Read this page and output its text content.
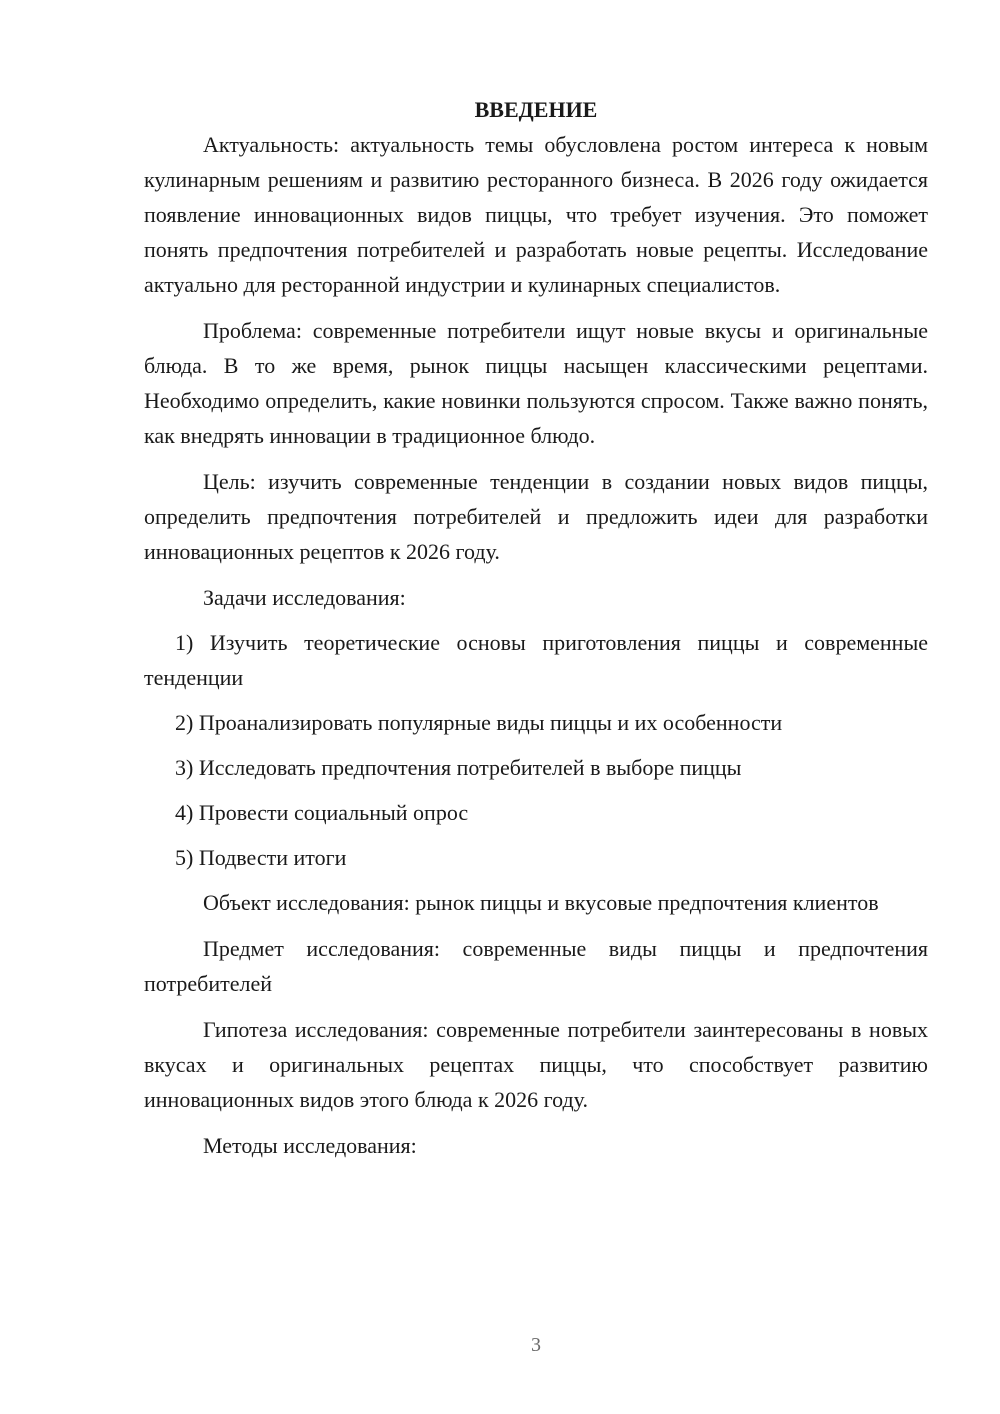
ВВЕДЕНИЕ

Актуальность: актуальность темы обусловлена ростом интереса к новым кулинарным решениям и развитию ресторанного бизнеса. В 2026 году ожидается появление инновационных видов пиццы, что требует изучения. Это поможет понять предпочтения потребителей и разработать новые рецепты. Исследование актуально для ресторанной индустрии и кулинарных специалистов.

Проблема: современные потребители ищут новые вкусы и оригинальные блюда. В то же время, рынок пиццы насыщен классическими рецептами. Необходимо определить, какие новинки пользуются спросом. Также важно понять, как внедрять инновации в традиционное блюдо.

Цель: изучить современные тенденции в создании новых видов пиццы, определить предпочтения потребителей и предложить идеи для разработки инновационных рецептов к 2026 году.

Задачи исследования:

1) Изучить теоретические основы приготовления пиццы и современные тенденции

2) Проанализировать популярные виды пиццы и их особенности

3) Исследовать предпочтения потребителей в выборе пиццы

4) Провести социальный опрос

5) Подвести итоги

Объект исследования: рынок пиццы и вкусовые предпочтения клиентов

Предмет исследования: современные виды пиццы и предпочтения потребителей

Гипотеза исследования: современные потребители заинтересованы в новых вкусах и оригинальных рецептах пиццы, что способствует развитию инновационных видов этого блюда к 2026 году.

Методы исследования:

3
